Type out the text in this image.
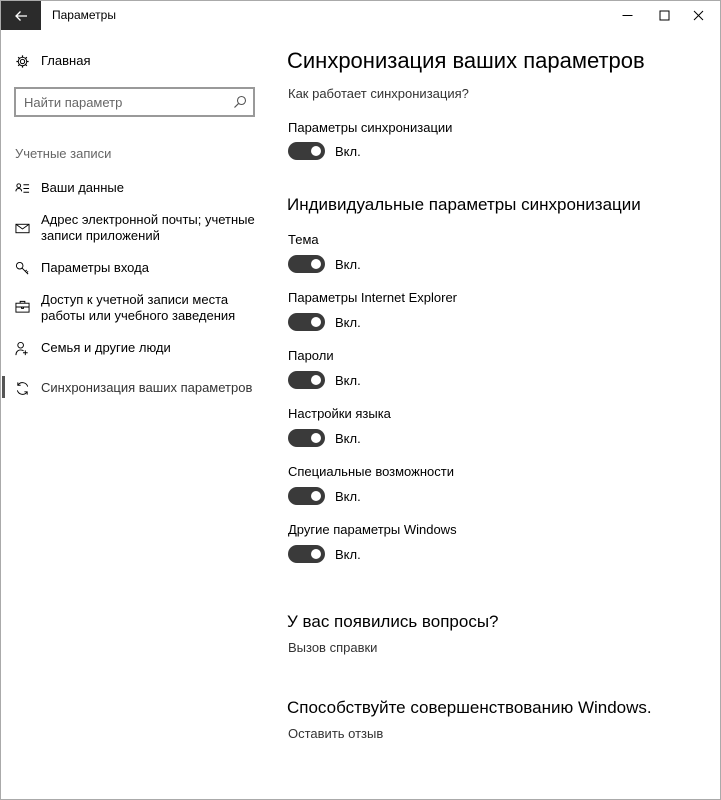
Параметры
Главная
Найти параметр
Учетные записи
Ваши данные
Адрес электронной почты; учетные записи приложений
Параметры входа
Доступ к учетной записи места работы или учебного заведения
Семья и другие люди
Синхронизация ваших параметров
Синхронизация ваших параметров
Как работает синхронизация?
Параметры синхронизации
Вкл.
Индивидуальные параметры синхронизации
Тема
Вкл.
Параметры Internet Explorer
Вкл.
Пароли
Вкл.
Настройки языка
Вкл.
Специальные возможности
Вкл.
Другие параметры Windows
Вкл.
У вас появились вопросы?
Вызов справки
Способствуйте совершенствованию Windows.
Оставить отзыв
